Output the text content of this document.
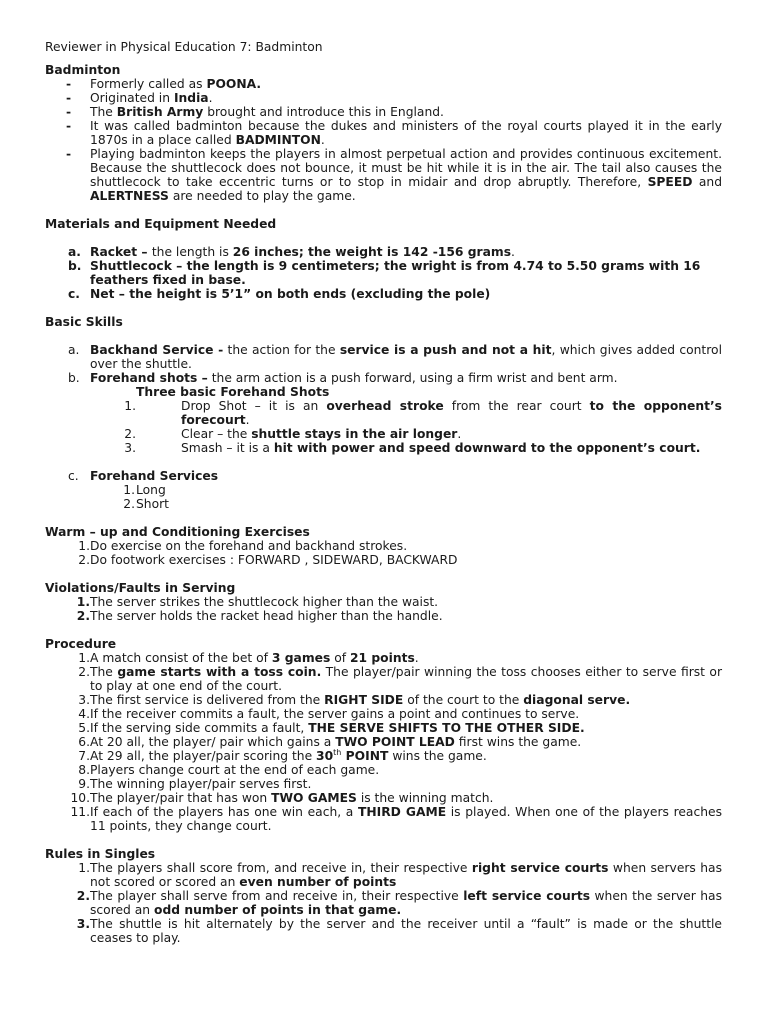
Reviewer in Physical Education 7: Badminton
Badminton
-	Formerly called as POONA.
-	Originated in India.
-	The British Army brought and introduce this in England.
-	It was called badminton because the dukes and ministers of the royal courts played it in the early 1870s in a place called BADMINTON.
-	Playing badminton keeps the players in almost perpetual action and provides continuous excitement. Because the shuttlecock does not bounce, it must be hit while it is in the air. The tail also causes the shuttlecock to take eccentric turns or to stop in midair and drop abruptly. Therefore, SPEED and ALERTNESS are needed to play the game.
Materials and Equipment Needed
a. Racket – the length is 26 inches; the weight is 142 -156 grams.
b. Shuttlecock – the length is 9 centimeters; the wright is from 4.74 to 5.50 grams with 16 feathers fixed in base.
c. Net – the height is 5’1” on both ends (excluding the pole)
Basic Skills
a. Backhand Service - the action for the service is a push and not a hit, which gives added control over the shuttle.
b. Forehand shots – the arm action is a push forward, using a firm wrist and bent arm.
Three basic Forehand Shots
1.	Drop Shot – it is an overhead stroke from the rear court to the opponent’s forecourt.
2.	Clear – the shuttle stays in the air longer.
3.	Smash – it is a hit with power and speed downward to the opponent’s court.
c. Forehand Services
1. Long
2. Short
Warm – up and Conditioning Exercises
1. Do exercise on the forehand and backhand strokes.
2. Do footwork exercises : FORWARD , SIDEWARD, BACKWARD
Violations/Faults in Serving
1. The server strikes the shuttlecock higher than the waist.
2. The server holds the racket head higher than the handle.
Procedure
1. A match consist of the bet of 3 games of 21 points.
2. The game starts with a toss coin. The player/pair winning the toss chooses either to serve first or to play at one end of the court.
3. The first service is delivered from the RIGHT SIDE of the court to the diagonal serve.
4. If the receiver commits a fault, the server gains a point and continues to serve.
5. If the serving side commits a fault, THE SERVE SHIFTS TO THE OTHER SIDE.
6. At 20 all, the player/ pair which gains a TWO POINT LEAD first wins the game.
7. At 29 all, the player/pair scoring the 30th POINT wins the game.
8. Players change court at the end of each game.
9. The winning player/pair serves first.
10. The player/pair that has won TWO GAMES is the winning match.
11. If each of the players has one win each, a THIRD GAME is played. When one of the players reaches 11 points, they change court.
Rules in Singles
1. The players shall score from, and receive in, their respective right service courts when servers has not scored or scored an even number of points
2. The player shall serve from and receive in, their respective left service courts when the server has scored an odd number of points in that game.
3. The shuttle is hit alternately by the server and the receiver until a “fault” is made or the shuttle ceases to play.
